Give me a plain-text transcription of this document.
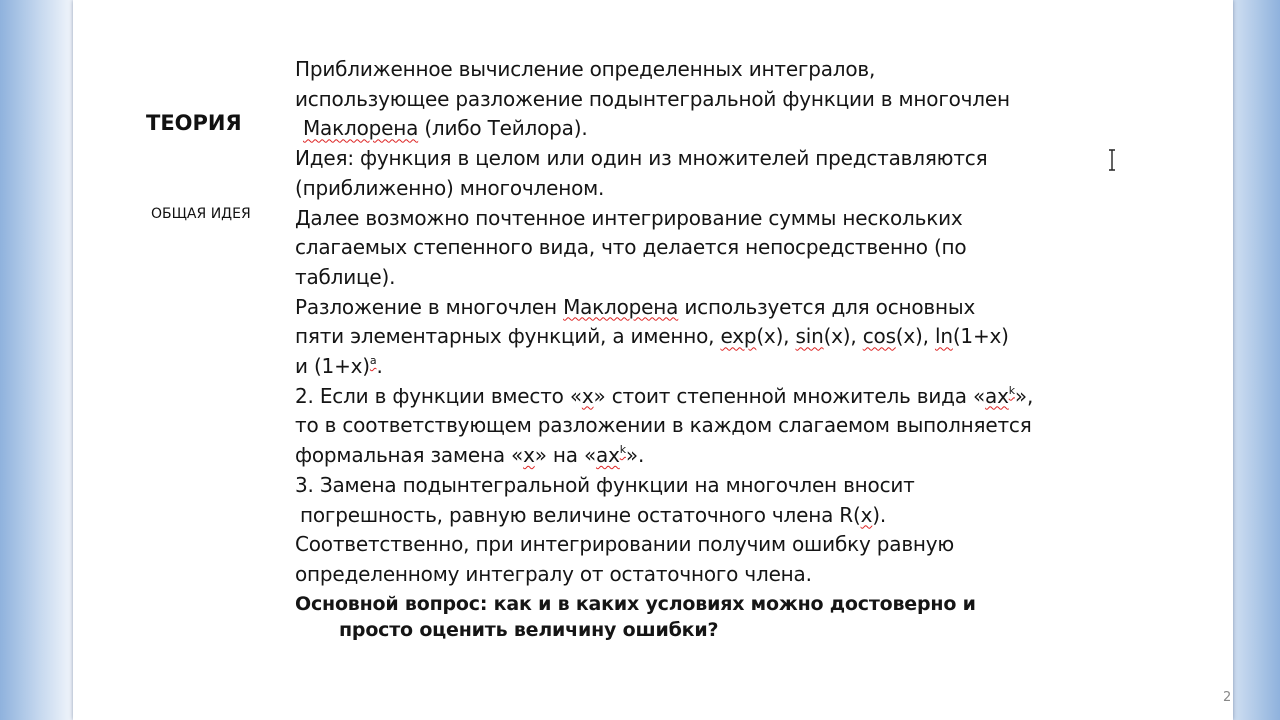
ТЕОРИЯ
ОБЩАЯ ИДЕЯ

Приближенное вычисление определенных интегралов,

использующее разложение подынтегральной функции в многочлен

Маклорена (либо Тейлора).

Идея: функция в целом или один из множителей представляются

(приближенно) многочленом.

Далее возможно почтенное интегрирование суммы нескольких

слагаемых степенного вида, что делается непосредственно (по

таблице).

Разложение в многочлен Маклорена используется для основных

пяти элементарных функций, а именно, exp(x), sin(x), cos(x), ln(1+x)

и $(1+x)^a$.

2. Если в функции вместо «x» стоит степенной множитель вида «$ax^k$»,

то в соответствующем разложении в каждом слагаемом выполняется

формальная замена «x» на «$ax^k$».

3. Замена подынтегральной функции на многочлен вносит

погрешность, равную величине остаточного члена R(x).

Соответственно, при интегрировании получим ошибку равную

определенному интегралу от остаточного члена.

Основной вопрос: как и в каких условиях можно достоверно и

просто оценить величину ошибки?

2
